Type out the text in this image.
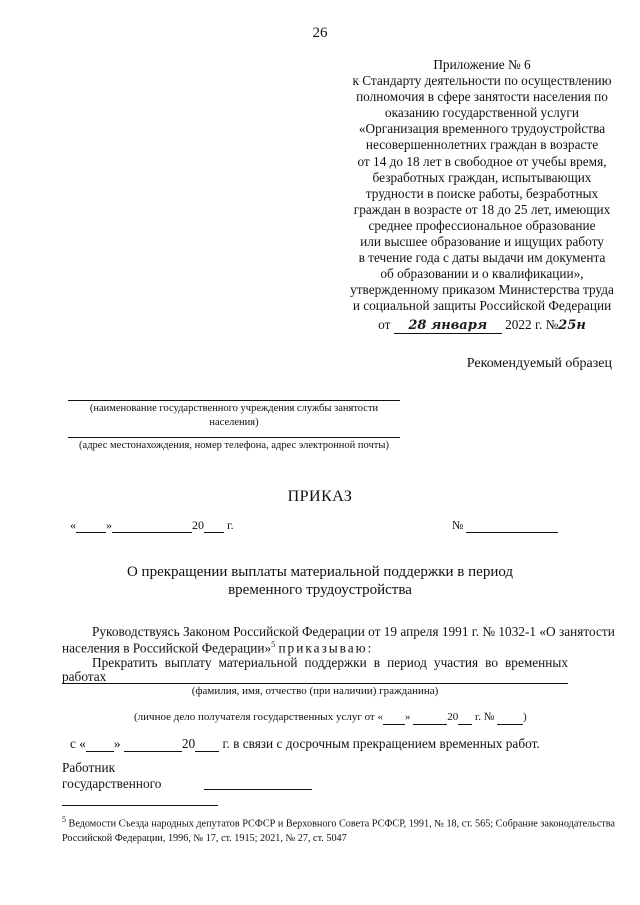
26
Приложение № 6
к Стандарту деятельности по осуществлению
полномочия в сфере занятости населения по
оказанию государственной услуги
«Организация временного трудоустройства
несовершеннолетних граждан в возрасте
от 14 до 18 лет в свободное от учебы время,
безработных граждан, испытывающих
трудности в поиске работы, безработных
граждан в возрасте от 18 до 25 лет, имеющих
среднее профессиональное образование
или высшее образование и ищущих работу
в течение года с даты выдачи им документа
об образовании и о квалификации»,
утвержденному приказом Министерства труда
и социальной защиты Российской Федерации
от 28 января 2022 г. №25н
Рекомендуемый образец
(наименование государственного учреждения службы занятости населения)
(адрес местонахождения, номер телефона, адрес электронной почты)
ПРИКАЗ
«	»	20 г.	№
О прекращении выплаты материальной поддержки в период
временного трудоустройства
Руководствуясь Законом Российской Федерации от 19 апреля 1991 г. № 1032-1 «О занятости
населения в Российской Федерации»$^5$ приказываю:
Прекратить выплату материальной поддержки в период участия во временных
работах
(фамилия, имя, отчество (при наличии) гражданина)
(личное дело получателя государственных услуг от « »	20 г. №	)
с « »	20 г. в связи с досрочным прекращением временных работ.
Работник
государственного
$^5$ Ведомости Съезда народных депутатов РСФСР и Верховного Совета РСФСР, 1991, № 18, ст. 565; Собрание законодательства Российской Федерации, 1996, № 17, ст. 1915; 2021, № 27, ст. 5047
